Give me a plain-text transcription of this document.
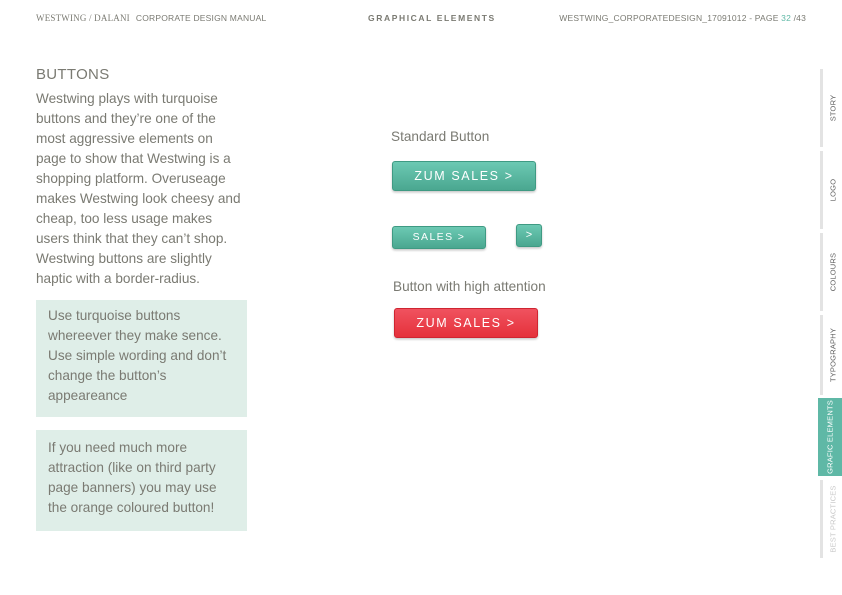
WESTWING / DALANI CORPORATE DESIGN MANUAL	GRAPHICAL ELEMENTS	WESTWING_CORPORATEDESIGN_17091012 - PAGE 32 /43
BUTTONS
Westwing plays with turquoise buttons and they’re one of the most aggressive elements on page to show that Westwing is a shopping platform. Overuseage makes Westwing look cheesy and cheap, too less usage makes users think that they can’t shop. Westwing buttons are slightly haptic with a border-radius.
Use turquoise buttons whereever they make sence. Use simple wording and don’t change the button’s appeareance
If you need much more attraction (like on third party page banners) you may use the orange coloured button!
Standard Button
ZUM SALES >
SALES >	>
Button with high attention
ZUM SALES >
STORY
LOGO
COLOURS
TYPOGRAPHY
GRAFIC ELEMENTS
BEST PRACTICES
